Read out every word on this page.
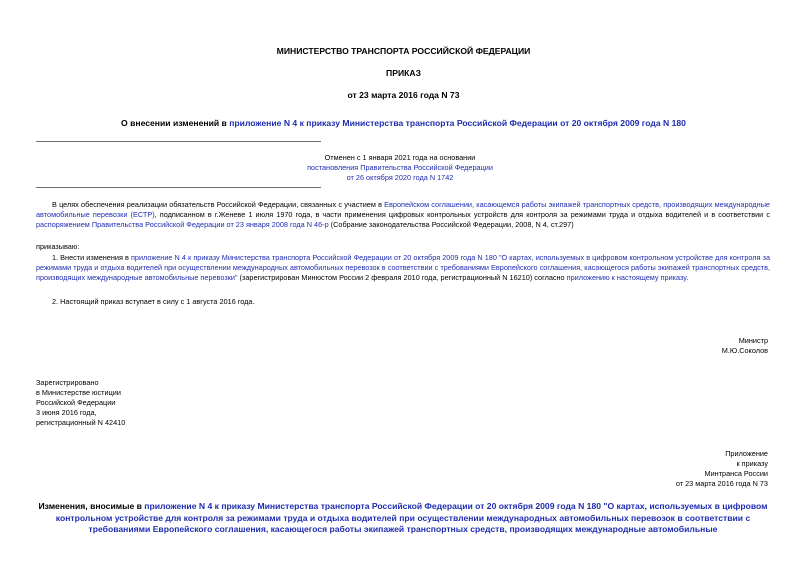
МИНИСТЕРСТВО ТРАНСПОРТА РОССИЙСКОЙ ФЕДЕРАЦИИ
ПРИКАЗ
от 23 марта 2016 года N 73
О внесении изменений в приложение N 4 к приказу Министерства транспорта Российской Федерации от 20 октября 2009 года N 180
Отменен с 1 января 2021 года на основании
постановления Правительства Российской Федерации
от 26 октября 2020 года N 1742

В целях обеспечения реализации обязательств Российской Федерации, связанных с участием в Европейском соглашении, касающемся работы экипажей транспортных средств, производящих международные автомобильные перевозки (ЕСТР), подписанном в г.Женеве 1 июля 1970 года, в части применения цифровых контрольных устройств для контроля за режимами труда и отдыха водителей и в соответствии с распоряжением Правительства Российской Федерации от 23 января 2008 года N 46-р (Собрание законодательства Российской Федерации, 2008, N 4, ст.297)

приказываю:

1. Внести изменения в приложение N 4 к приказу Министерства транспорта Российской Федерации от 20 октября 2009 года N 180 "О картах, используемых в цифровом контрольном устройстве для контроля за режимами труда и отдыха водителей при осуществлении международных автомобильных перевозок в соответствии с требованиями Европейского соглашения, касающегося работы экипажей транспортных средств, производящих международные автомобильные перевозки" (зарегистрирован Минюстом России 2 февраля 2010 года, регистрационный N 16210) согласно приложению к настоящему приказу.

2. Настоящий приказ вступает в силу с 1 августа 2016 года.
Министр
М.Ю.Соколов
Зарегистрировано
в Министерстве юстиции
Российской Федерации
3 июня 2016 года,
регистрационный N 42410
Приложение
к приказу
Минтранса России
от 23 марта 2016 года N 73
Изменения, вносимые в приложение N 4 к приказу Министерства транспорта Российской Федерации от 20 октября 2009 года N 180 "О картах, используемых в цифровом контрольном устройстве для контроля за режимами труда и отдыха водителей при осуществлении международных автомобильных перевозок в соответствии с требованиями Европейского соглашения, касающегося работы экипажей транспортных средств, производящих международные автомобильные
